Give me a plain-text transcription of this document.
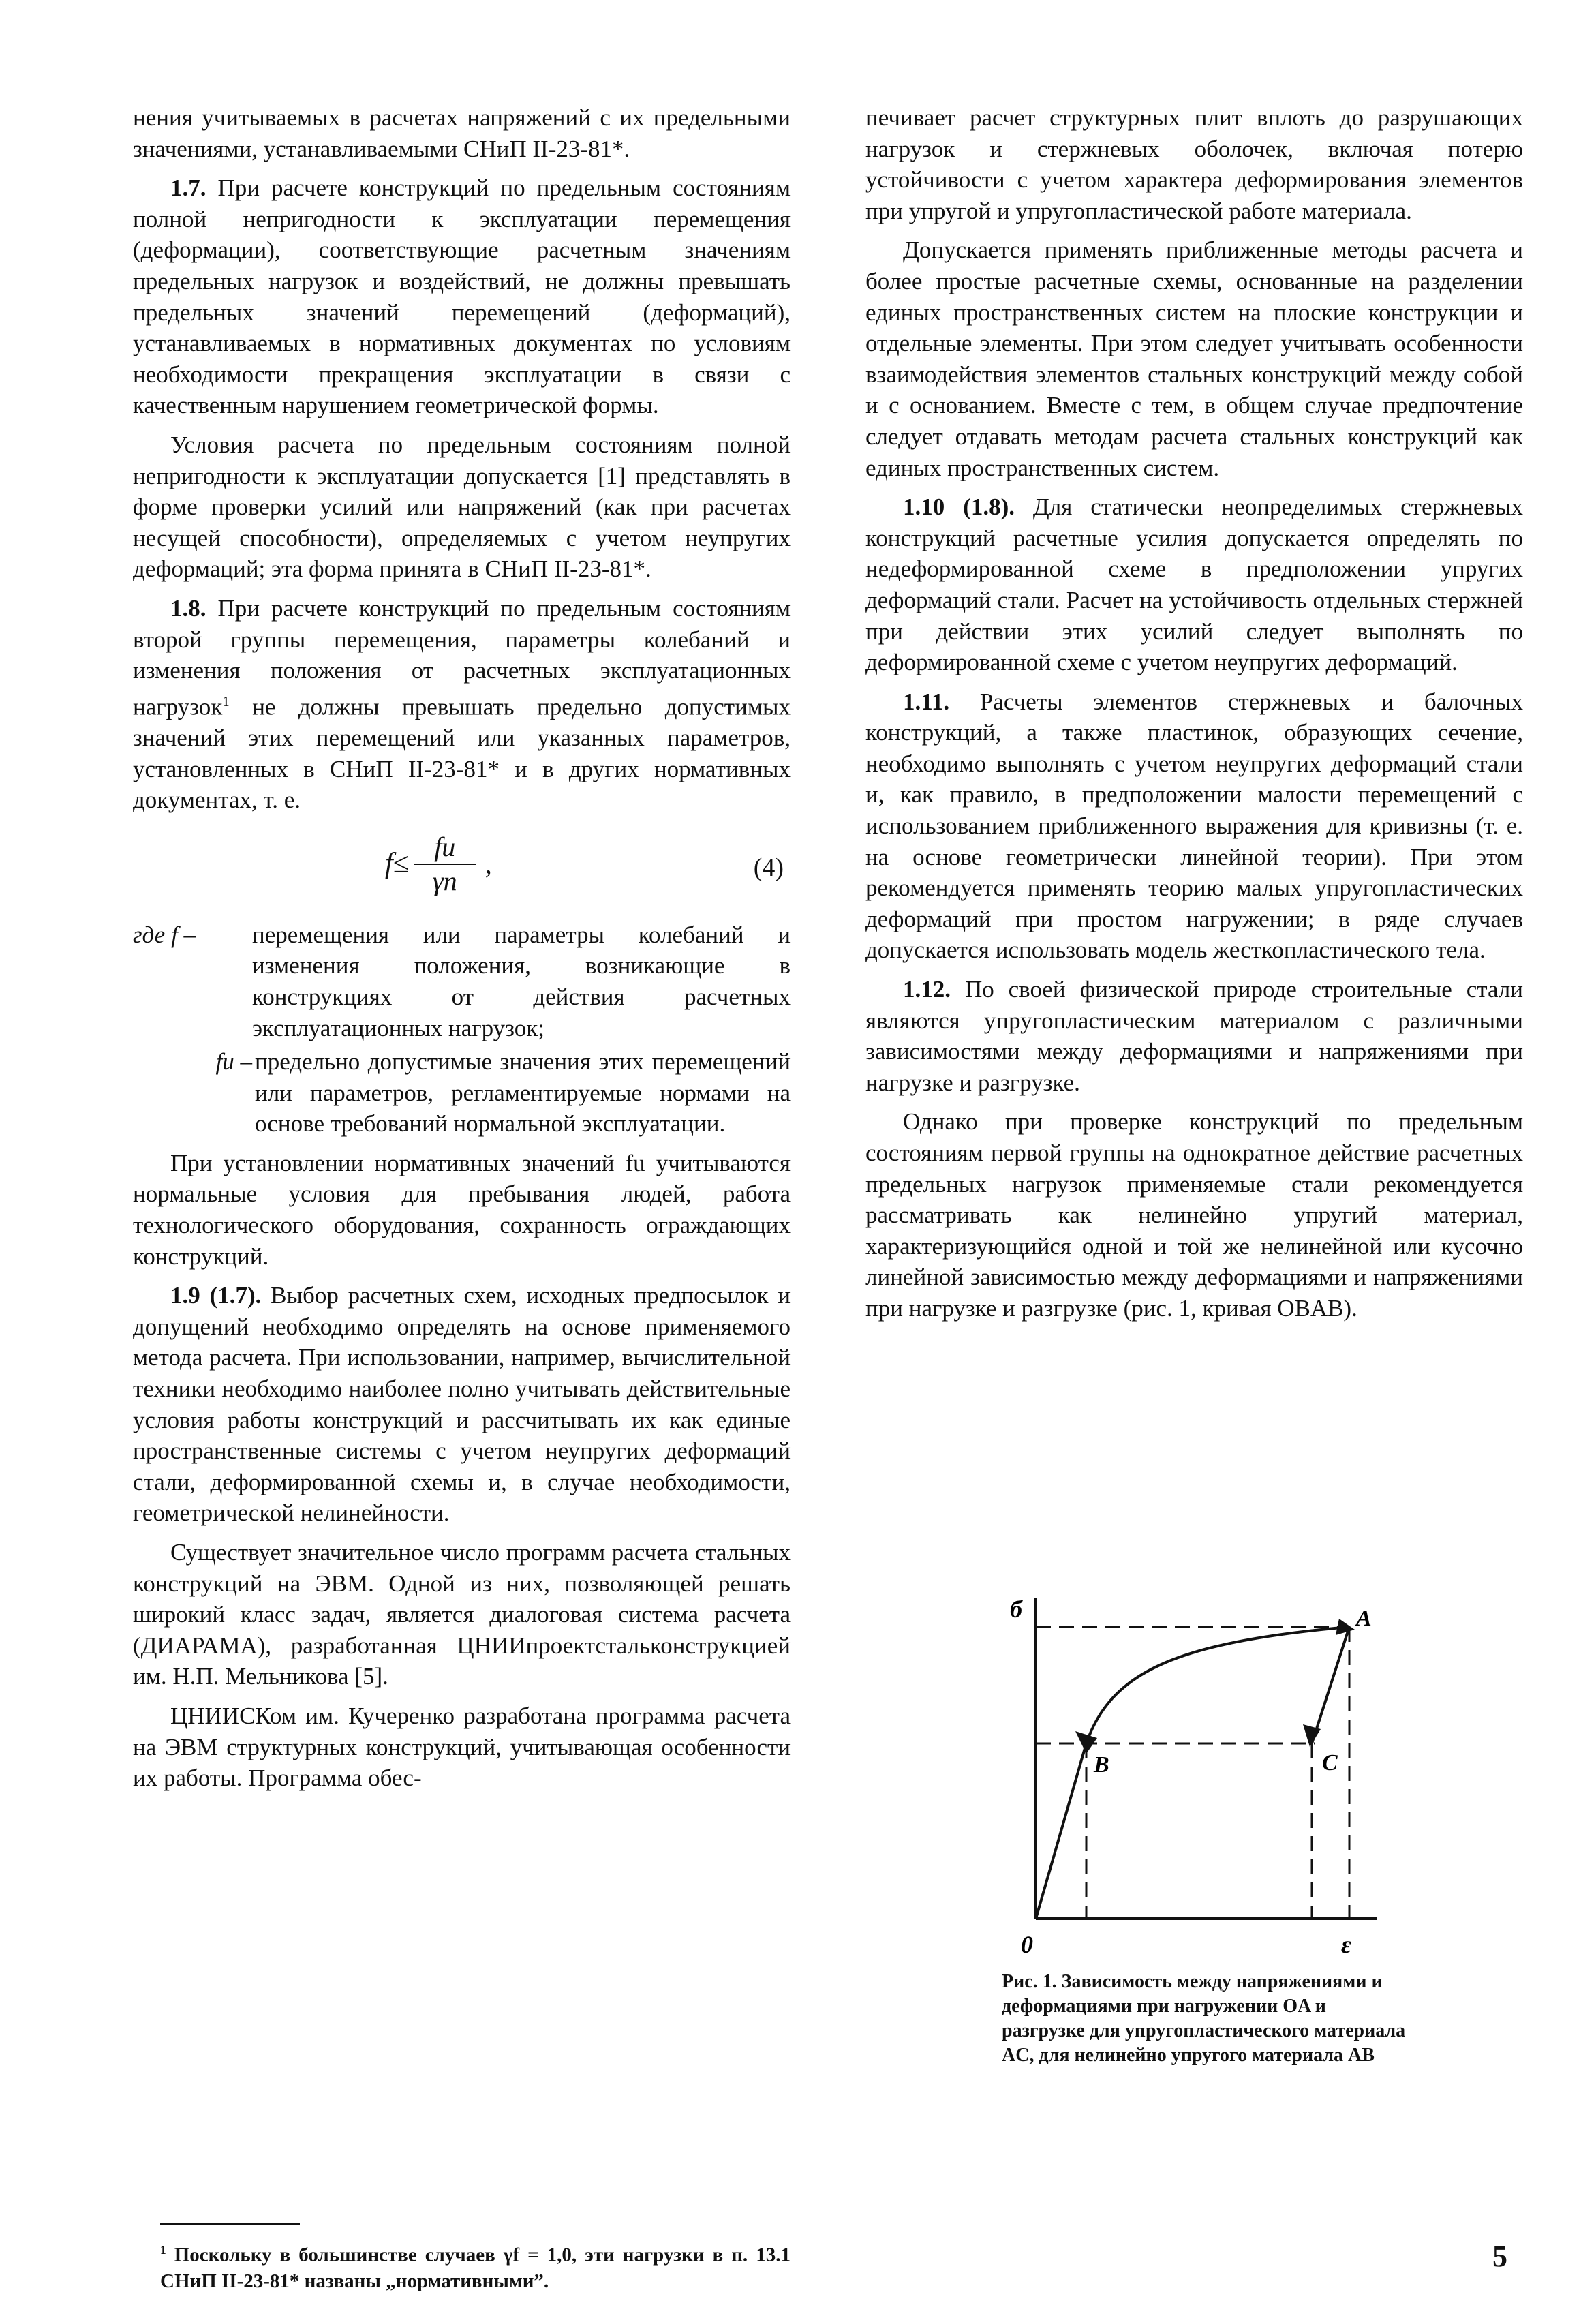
нения учитываемых в расчетах напряжений с их предельными значениями, устанавливаемыми СНиП II-23-81*.

1.7. При расчете конструкций по предельным состояниям полной непригодности к эксплуатации перемещения (деформации), соответствующие расчетным значениям предельных нагрузок и воздействий, не должны превышать предельных значений перемещений (деформаций), устанавливаемых в нормативных документах по условиям необходимости прекращения эксплуатации в связи с качественным нарушением геометрической формы.

Условия расчета по предельным состояниям полной непригодности к эксплуатации допускается [1] представлять в форме проверки усилий или напряжений (как при расчетах несущей способности), определяемых с учетом неупругих деформаций; эта форма принята в СНиП II-23-81*.

1.8. При расчете конструкций по предельным состояниям второй группы перемещения, параметры колебаний и изменения положения от расчетных эксплуатационных нагрузок$^1$ не должны превышать предельно допустимых значений этих перемещений или указанных параметров, установленных в СНиП II-23-81* и в других нормативных документах, т. е.

f≤
fu
γn
,	(4)
где f –	перемещения или параметры колебаний и изменения положения, возникающие в конструкциях от действия расчетных эксплуатационных нагрузок;
fu – предельно допустимые значения этих перемещений или параметров, регламентируемые нормами на основе требований нормальной эксплуатации.

При установлении нормативных значений fu учитываются нормальные условия для пребывания людей, работа технологического оборудования, сохранность ограждающих конструкций.

1.9 (1.7). Выбор расчетных схем, исходных предпосылок и допущений необходимо определять на основе применяемого метода расчета. При использовании, например, вычислительной техники необходимо наиболее полно учитывать действительные условия работы конструкций и рассчитывать их как единые пространственные системы с учетом неупругих деформаций стали, деформированной схемы и, в случае необходимости, геометрической нелинейности.

Существует значительное число программ расчета стальных конструкций на ЭВМ. Одной из них, позволяющей решать широкий класс задач, является диалоговая система расчета (ДИАРАМА), разработанная ЦНИИпроектстальконструкцией им. Н.П. Мельникова [5].

ЦНИИСКом им. Кучеренко разработана программа расчета на ЭВМ структурных конструкций, учитывающая особенности их работы. Программа обес-

печивает расчет структурных плит вплоть до разрушающих нагрузок и стержневых оболочек, включая потерю устойчивости с учетом характера деформирования элементов при упругой и упругопластической работе материала.

Допускается применять приближенные методы расчета и более простые расчетные схемы, основанные на разделении единых пространственных систем на плоские конструкции и отдельные элементы. При этом следует учитывать особенности взаимодействия элементов стальных конструкций между собой и с основанием. Вместе с тем, в общем случае предпочтение следует отдавать методам расчета стальных конструкций как единых пространственных систем.

1.10 (1.8). Для статически неопределимых стержневых конструкций расчетные усилия допускается определять по недеформированной схеме в предположении упругих деформаций стали. Расчет на устойчивость отдельных стержней при действии этих усилий следует выполнять по деформированной схеме с учетом неупругих деформаций.

1.11. Расчеты элементов стержневых и балочных конструкций, а также пластинок, образующих сечение, необходимо выполнять с учетом неупругих деформаций стали и, как правило, в предположении малости перемещений с использованием приближенного выражения для кривизны (т. е. на основе геометрически линейной теории). При этом рекомендуется применять теорию малых упругопластических деформаций при простом нагружении; в ряде случаев допускается использовать модель жесткопластического тела.

1.12. По своей физической природе строительные стали являются упругопластическим материалом с различными зависимостями между деформациями и напряжениями при нагрузке и разгрузке.

Однако при проверке конструкций по предельным состояниям первой группы на однократное действие расчетных предельных нагрузок применяемые стали рекомендуется рассматривать как нелинейно упругий материал, характеризующийся одной и той же нелинейной или кусочно линейной зависимостью между деформациями и напряжениями при нагрузке и разгрузке (рис. 1, кривая OBAB).

б	A
B	C
0	ε
Рис. 1. Зависимость между напряжениями и деформациями при нагружении OA и разгрузке для упругопластического материала AC, для нелинейно упругого материала AB
$^1$ Поскольку в большинстве случаев γf = 1,0, эти нагрузки в п. 13.1 СНиП II-23-81* названы „нормативными”.
5
